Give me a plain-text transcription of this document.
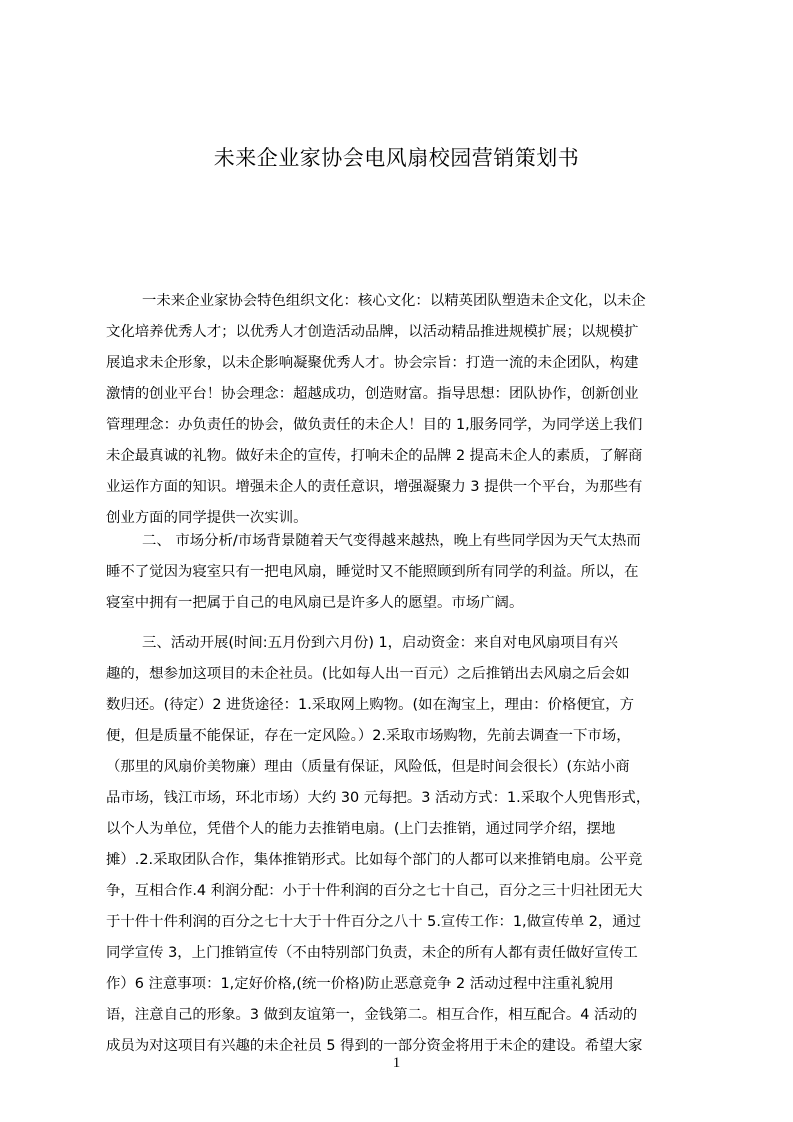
未来企业家协会电风扇校园营销策划书
一未来企业家协会特色组织文化：核心文化：以精英团队塑造未企文化，以未企
文化培养优秀人才；以优秀人才创造活动品牌，以活动精品推进规模扩展；以规模扩
展追求未企形象，以未企影响凝聚优秀人才。协会宗旨：打造一流的未企团队，构建
激情的创业平台！协会理念：超越成功，创造财富。指导思想：团队协作，创新创业
管理理念：办负责任的协会，做负责任的未企人！目的 1,服务同学，为同学送上我们
未企最真诚的礼物。做好未企的宣传，打响未企的品牌 2 提高未企人的素质，了解商
业运作方面的知识。增强未企人的责任意识，增强凝聚力 3 提供一个平台，为那些有
创业方面的同学提供一次实训。
二、 市场分析/市场背景随着天气变得越来越热，晚上有些同学因为天气太热而
睡不了觉因为寝室只有一把电风扇，睡觉时又不能照顾到所有同学的利益。所以，在
寝室中拥有一把属于自己的电风扇已是许多人的愿望。市场广阔。
三、活动开展(时间:五月份到六月份) 1，启动资金：来自对电风扇项目有兴
趣的，想参加这项目的未企社员。(比如每人出一百元）之后推销出去风扇之后会如
数归还。(待定）2 进货途径：1.采取网上购物。(如在淘宝上，理由：价格便宜，方
便，但是质量不能保证，存在一定风险。）2.采取市场购物，先前去调查一下市场，
（那里的风扇价美物廉）理由（质量有保证，风险低，但是时间会很长）(东站小商
品市场，钱江市场，环北市场）大约 30 元每把。3 活动方式：1.采取个人兜售形式，
以个人为单位，凭借个人的能力去推销电扇。(上门去推销，通过同学介绍，摆地
摊）.2.采取团队合作，集体推销形式。比如每个部门的人都可以来推销电扇。公平竞
争，互相合作.4 利润分配：小于十件利润的百分之七十自己，百分之三十归社团无大
于十件十件利润的百分之七十大于十件百分之八十 5.宣传工作：1,做宣传单 2，通过
同学宣传 3，上门推销宣传（不由特别部门负责，未企的所有人都有责任做好宣传工
作）6 注意事项：1,定好价格,(统一价格)防止恶意竞争 2 活动过程中注重礼貌用
语，注意自己的形象。3 做到友谊第一，金钱第二。相互合作，相互配合。4 活动的
成员为对这项目有兴趣的未企社员 5 得到的一部分资金将用于未企的建设。希望大家
1
